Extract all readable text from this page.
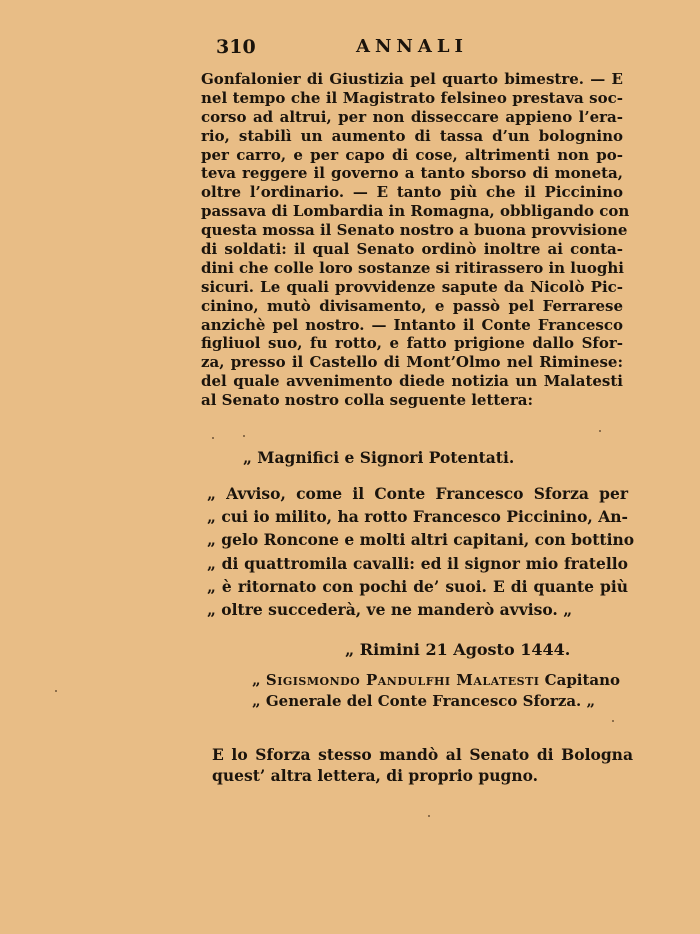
310	ANNALI
Gonfalonier di Giustizia pel quarto bimestre. — E
nel tempo che il Magistrato felsineo prestava soc-
corso ad altrui, per non disseccare appieno l’era-
rio, stabilì un aumento di tassa d’un bolognino
per carro, e per capo di cose, altrimenti non po-
teva reggere il governo a tanto sborso di moneta,
oltre l’ordinario. — E tanto più che il Piccinino
passava di Lombardia in Romagna, obbligando con
questa mossa il Senato nostro a buona provvisione
di soldati: il qual Senato ordinò inoltre ai conta-
dini che colle loro sostanze si ritirassero in luoghi
sicuri. Le quali provvidenze sapute da Nicolò Pic-
cinino, mutò divisamento, e passò pel Ferrarese
anzichè pel nostro. — Intanto il Conte Francesco
figliuol suo, fu rotto, e fatto prigione dallo Sfor-
za, presso il Castello di Mont’Olmo nel Riminese:
del quale avvenimento diede notizia un Malatesti
al Senato nostro colla seguente lettera:
„ Magnifici e Signori Potentati.
„ Avviso, come il Conte Francesco Sforza per
„ cui io milito, ha rotto Francesco Piccinino, An-
„ gelo Roncone e molti altri capitani, con bottino
„ di quattromila cavalli: ed il signor mio fratello
„ è ritornato con pochi de’ suoi. E di quante più
„ oltre succederà, ve ne manderò avviso. „
„ Rimini 21 Agosto 1444.
„ Sigismondo Pandulfhi Malatesti Capitano
„ Generale del Conte Francesco Sforza. „
E lo Sforza stesso mandò al Senato di Bologna
quest’ altra lettera, di proprio pugno.
